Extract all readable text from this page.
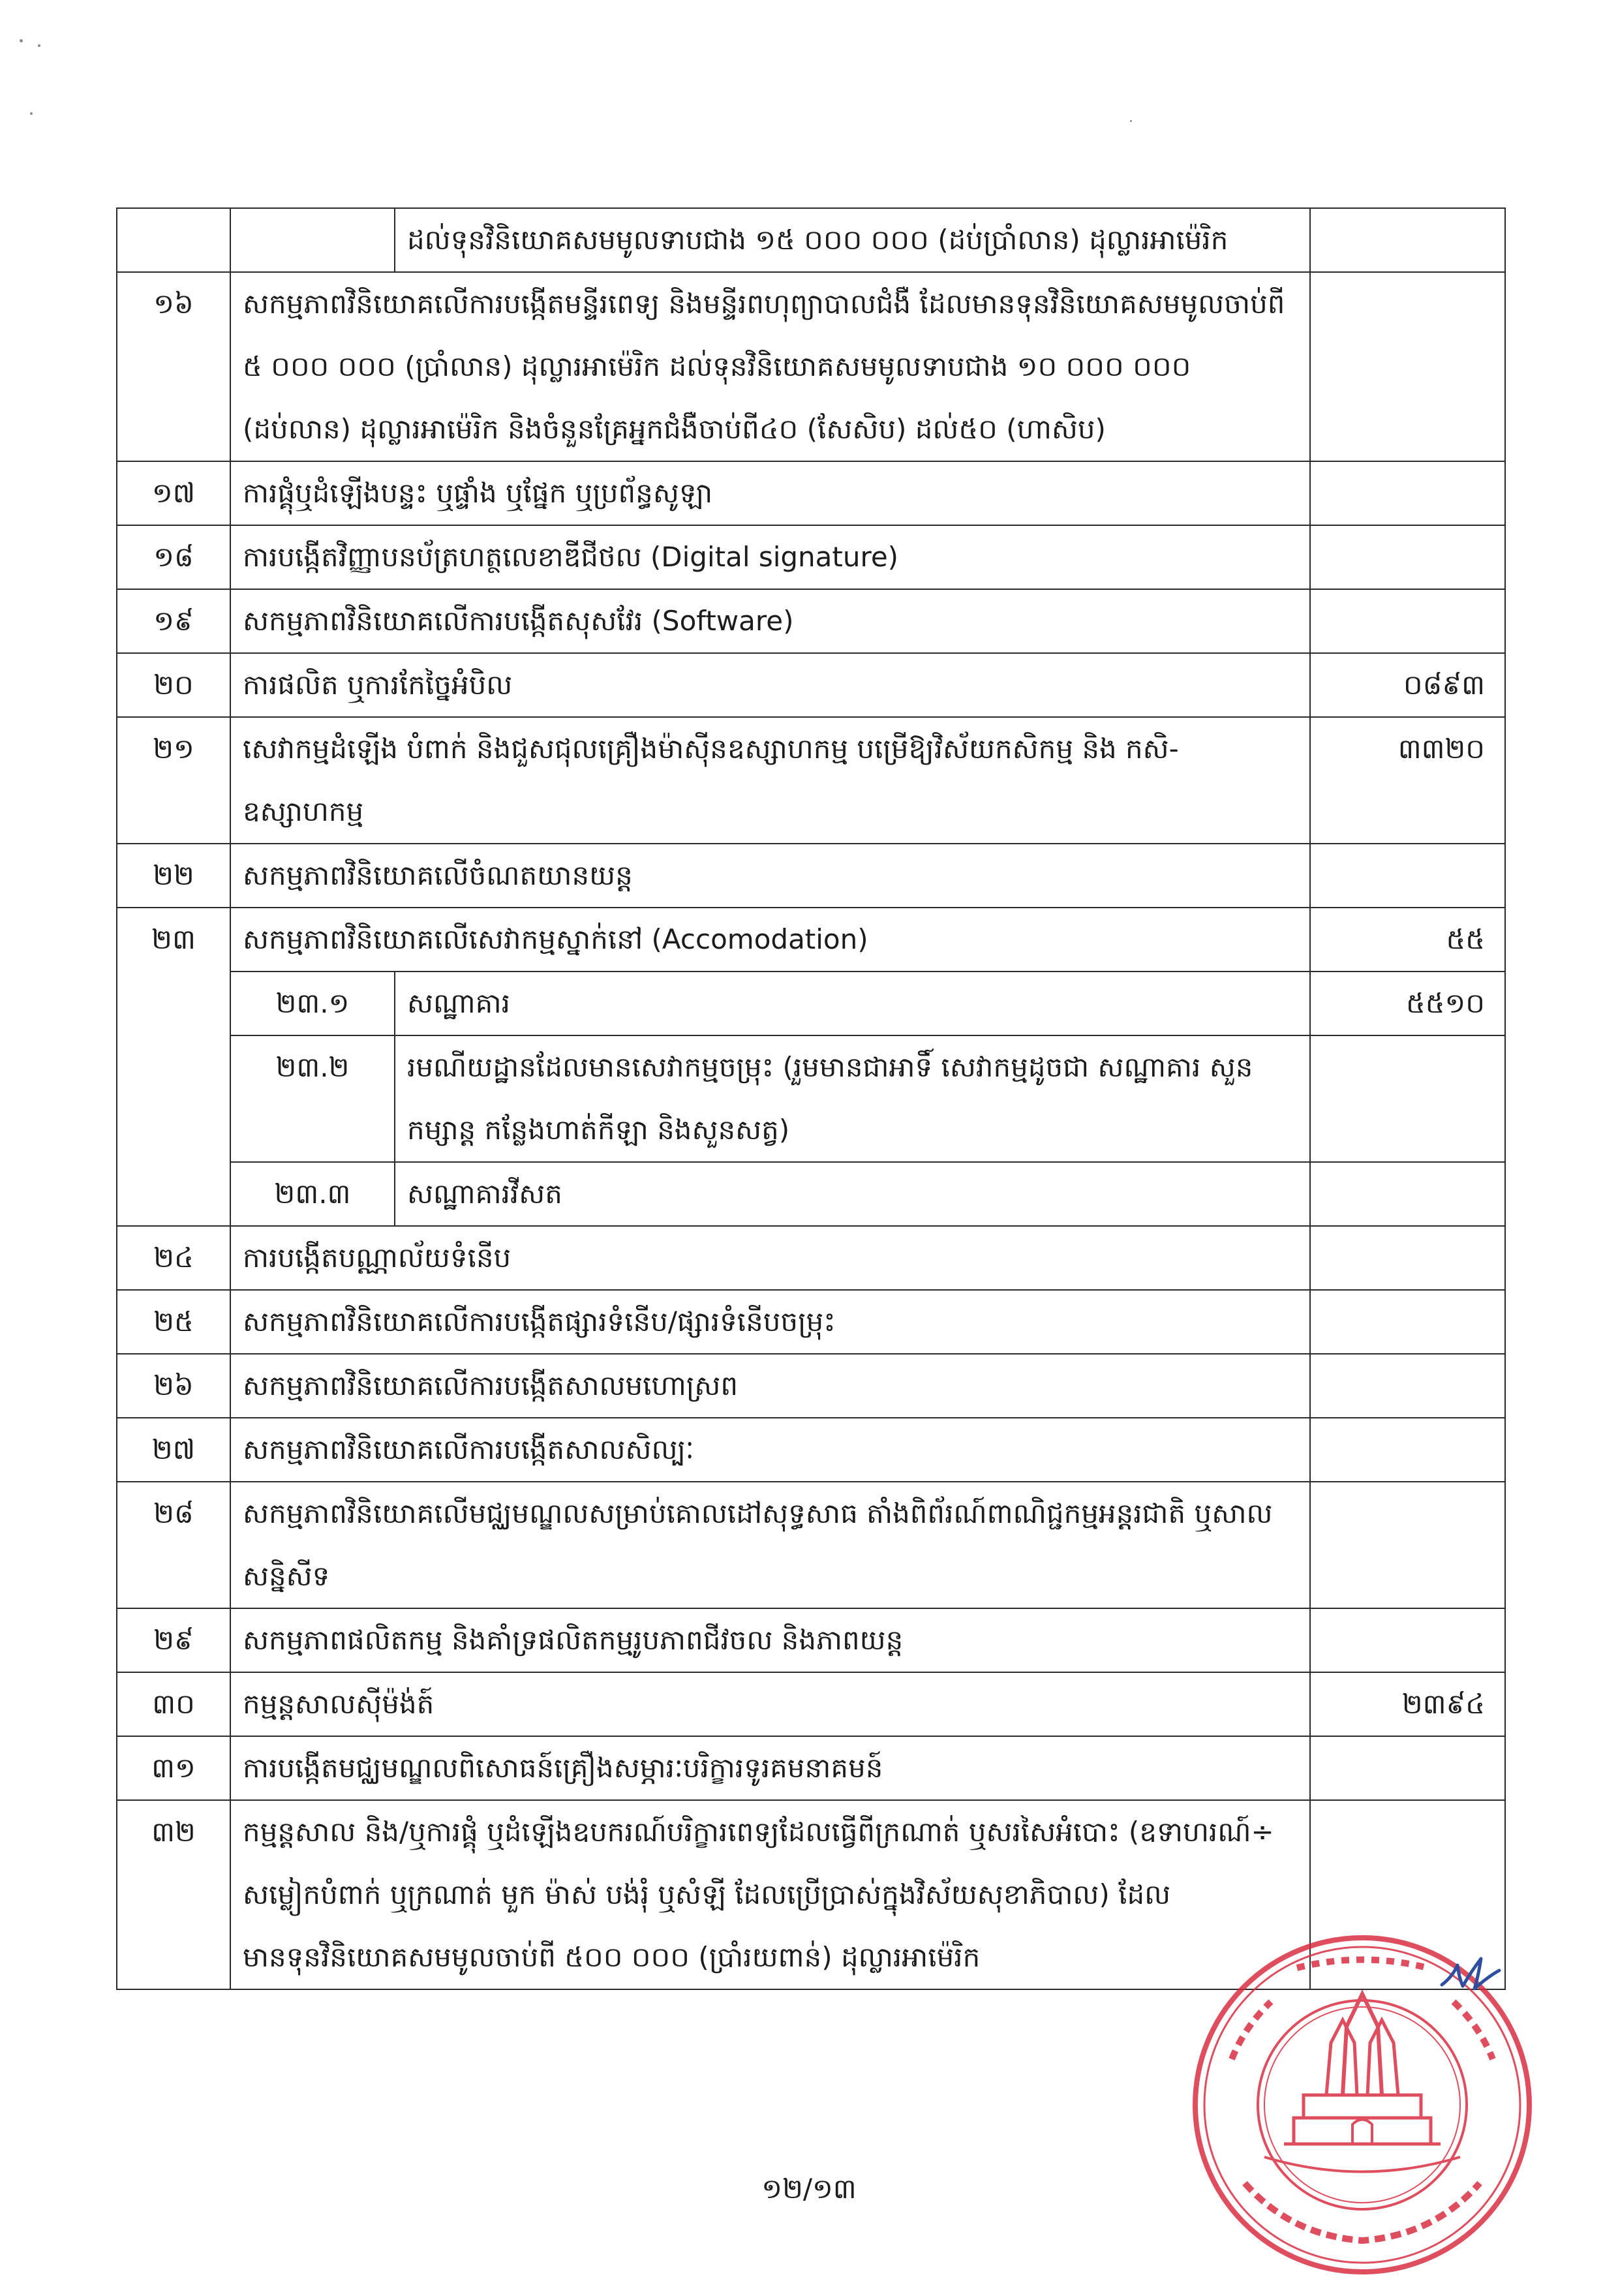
		ដល់ទុនវិនិយោគសមមូលទាបជាង ១៥ ០០០ ០០០ (ដប់ប្រាំលាន) ដុល្លារអាម៉េរិក	
១៦	សកម្មភាពវិនិយោគលើការបង្កើតមន្ទីរពេទ្យ និងមន្ទីរពហុព្យាបាលជំងឺ ដែលមានទុនវិនិយោគសមមូលចាប់ពី ៥ ០០០ ០០០ (ប្រាំលាន) ដុល្លារអាម៉េរិក ដល់ទុនវិនិយោគសមមូលទាបជាង ១០ ០០០ ០០០ (ដប់លាន) ដុល្លារអាម៉េរិក និងចំនួនគ្រែអ្នកជំងឺចាប់ពី៤០ (សែសិប) ដល់៥០ (ហាសិប)		
១៧	ការផ្គុំឬដំឡើងបន្ទះ ឬផ្ទាំង ឬផ្នែក ឬប្រព័ន្ធសូឡា		
១៨	ការបង្កើតវិញ្ញាបនប័ត្រហត្ថលេខាឌីជីថល (Digital signature)		
១៩	សកម្មភាពវិនិយោគលើការបង្កើតសុសវែរ (Software)		
២០	ការផលិត ឬការកែច្នៃអំបិល		០៨៩៣
២១	សេវាកម្មដំឡើង បំពាក់ និងជួសជុលគ្រឿងម៉ាស៊ីនឧស្សាហកម្ម បម្រើឱ្យវិស័យកសិកម្ម និង កសិ-ឧស្សាហកម្ម		៣៣២០
២២	សកម្មភាពវិនិយោគលើចំណតយានយន្ត		
២៣	សកម្មភាពវិនិយោគលើសេវាកម្មស្នាក់នៅ (Accomodation)		៥៥
	២៣.១	សណ្ឋាគារ	៥៥១០
	២៣.២	រមណីយដ្ឋានដែលមានសេវាកម្មចម្រុះ (រួមមានជាអាទិ៍ សេវាកម្មដូចជា សណ្ឋាគារ សួនកម្សាន្ត កន្លែងហាត់កីឡា និងសួនសត្វ)	
	២៣.៣	សណ្ឋាគារវីសត	
២៤	ការបង្កើតបណ្ណាល័យទំនើប		
២៥	សកម្មភាពវិនិយោគលើការបង្កើតផ្សារទំនើប/ផ្សារទំនើបចម្រុះ		
២៦	សកម្មភាពវិនិយោគលើការបង្កើតសាលមហោស្រព		
២៧	សកម្មភាពវិនិយោគលើការបង្កើតសាលសិល្បៈ		
២៨	សកម្មភាពវិនិយោគលើមជ្ឈមណ្ឌលសម្រាប់គោលដៅសុទ្ធសាធ តាំងពិព័រណ៍ពាណិជ្ជកម្មអន្តរជាតិ ឬសាលសន្និសីទ		
២៩	សកម្មភាពផលិតកម្ម និងគាំទ្រផលិតកម្មរូបភាពជីវចល និងភាពយន្ត		
៣០	កម្មន្តសាលស៊ីម៉ង់ត៍		២៣៩៤
៣១	ការបង្កើតមជ្ឈមណ្ឌលពិសោធន៍គ្រឿងសម្ភារៈបរិក្ខារទូរគមនាគមន៍		
៣២	កម្មន្តសាល និង/ឬការផ្គុំ ឬដំឡើងឧបករណ៍បរិក្ខារពេទ្យដែលធ្វើពីក្រណាត់ ឬសរសៃអំបោះ (ឧទាហរណ៍÷ សម្លៀកបំពាក់ ឬក្រណាត់ មួក ម៉ាស់ បង់រុំ ឬសំឡី ដែលប្រើប្រាស់ក្នុងវិស័យសុខាភិបាល) ដែលមានទុនវិនិយោគសមមូលចាប់ពី ៥០០ ០០០ (ប្រាំរយពាន់) ដុល្លារអាម៉េរិក		
១២/១៣
